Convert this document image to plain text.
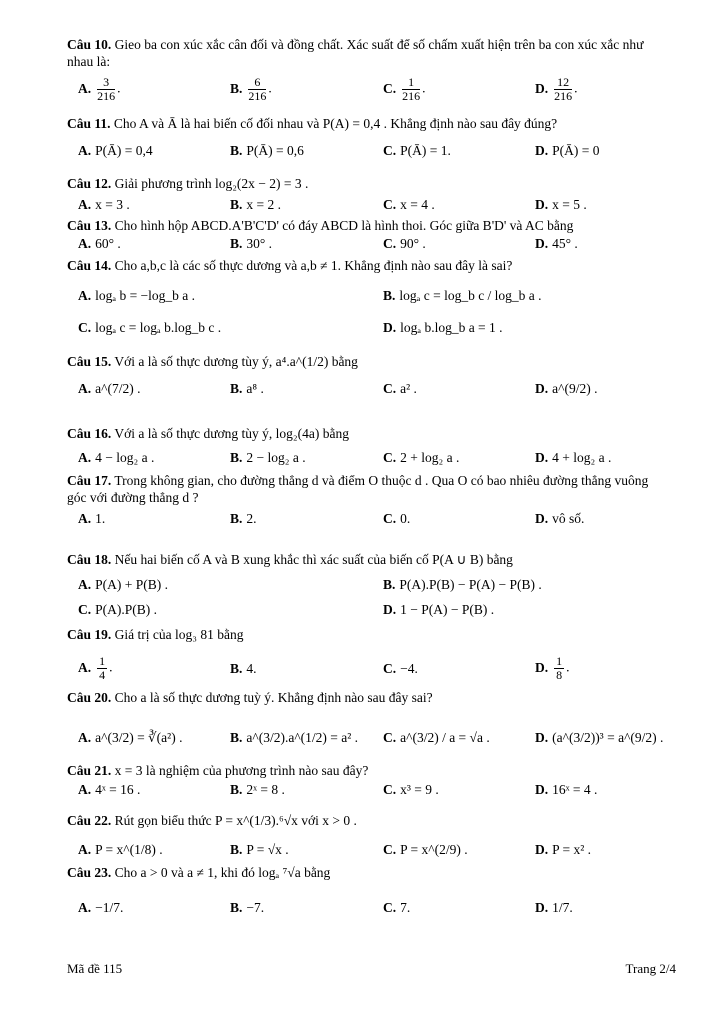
Câu 10. Gieo ba con xúc xắc cân đối và đồng chất. Xác suất để số chấm xuất hiện trên ba con xúc xắc như nhau là:
A. $\frac{3}{216}$ .	B. $\frac{6}{216}$ .	C. $\frac{1}{216}$ .	D. $\frac{12}{216}$ .
Câu 11. Cho A và Ā là hai biến cố đối nhau và P(A) = 0,4 . Khẳng định nào sau đây đúng?
A. P(Ā) = 0,4	B. P(Ā) = 0,6	C. P(Ā) = 1.	D. P(Ā) = 0
Câu 12. Giải phương trình log₂(2x − 2) = 3 .
A. x = 3 .	B. x = 2 .	C. x = 4 .	D. x = 5 .
Câu 13. Cho hình hộp ABCD.A'B'C'D' có đáy ABCD là hình thoi. Góc giữa B'D' và AC bằng
A. 60° .	B. 30° .	C. 90° .	D. 45° .
Câu 14. Cho a,b,c là các số thực dương và a,b ≠ 1. Khẳng định nào sau đây là sai?
A. logₐ b = −log_b a .	B. logₐ c = log_b c / log_b a .
C. logₐ c = logₐ b.log_b c .	D. logₐ b.log_b a = 1 .
Câu 15. Với a là số thực dương tùy ý, a⁴.a^(1/2) bằng
A. a^(7/2) .	B. a⁸ .	C. a² .	D. a^(9/2) .
Câu 16. Với a là số thực dương tùy ý, log₂(4a) bằng
A. 4 − log₂ a .	B. 2 − log₂ a .	C. 2 + log₂ a .	D. 4 + log₂ a .
Câu 17. Trong không gian, cho đường thẳng d và điểm O thuộc d . Qua O có bao nhiêu đường thẳng vuông góc với đường thẳng d ?
A. 1.	B. 2.	C. 0.	D. vô số.
Câu 18. Nếu hai biến cố A và B xung khắc thì xác suất của biến cố P(A ∪ B) bằng
A. P(A) + P(B) .	B. P(A).P(B) − P(A) − P(B) .
C. P(A).P(B) .	D. 1 − P(A) − P(B) .
Câu 19. Giá trị của log₃ 81 bằng
A. $\frac{1}{4}$ .	B. 4.	C. −4.	D. $\frac{1}{8}$ .
Câu 20. Cho a là số thực dương tuỳ ý. Khẳng định nào sau đây sai?
A. a^(3/2) = ∛(a²) .	B. a^(3/2).a^(1/2) = a² . C. a^(3/2) / a = √a .	D. (a^(3/2))³ = a^(9/2) .
Câu 21. x = 3 là nghiệm của phương trình nào sau đây?
A. 4ˣ = 16 .	B. 2ˣ = 8 .	C. x³ = 9 .	D. 16ˣ = 4 .
Câu 22. Rút gọn biểu thức P = x^(1/3).⁶√x với x > 0 .
A. P = x^(1/8) .	B. P = √x .	C. P = x^(2/9) .	D. P = x² .
Câu 23. Cho a > 0 và a ≠ 1, khi đó logₐ ⁷√a bằng
A. −1/7.	B. −7.	C. 7.	D. 1/7.
Mã đề 115	Trang 2/4
